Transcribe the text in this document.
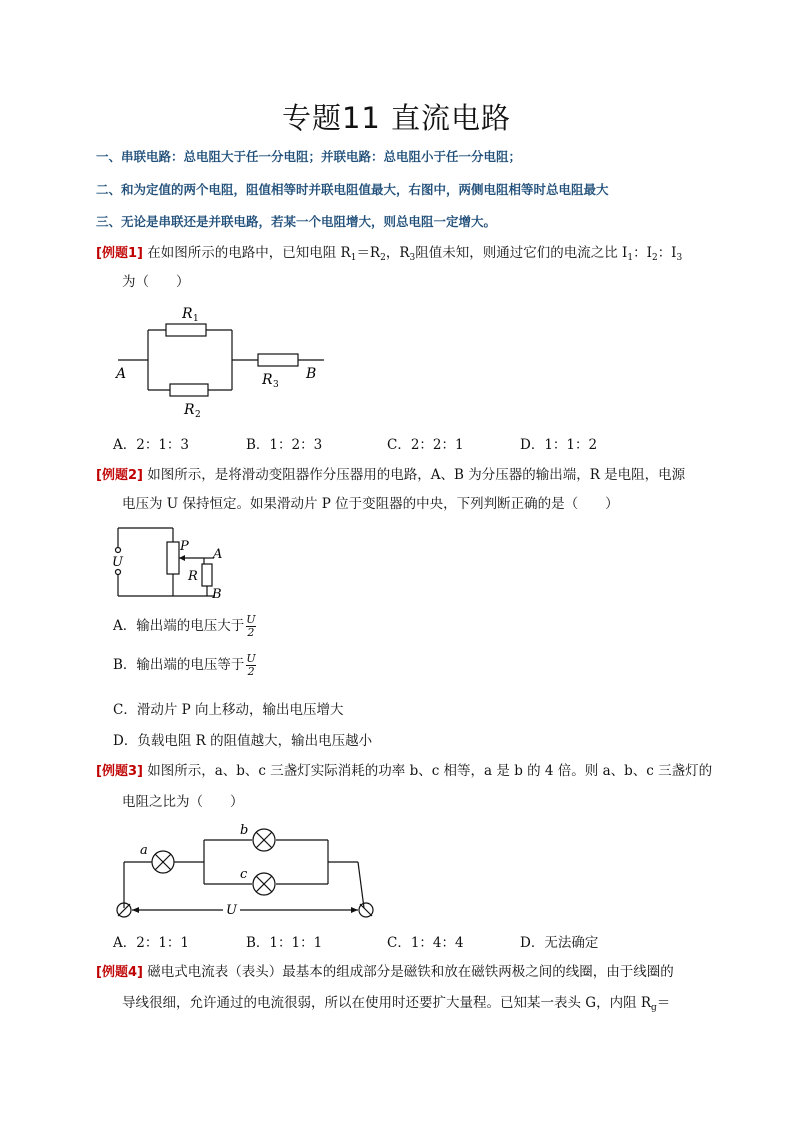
专题11 直流电路
一、串联电路：总电阻大于任一分电阻；并联电路：总电阻小于任一分电阻；
二、和为定值的两个电阻，阻值相等时并联电阻值最大，右图中，两侧电阻相等时总电阻最大
三、无论是串联还是并联电路，若某一个电阻增大，则总电阻一定增大。
[例题1] 在如图所示的电路中，已知电阻 $R_1=R_2$，$R_3$阻值未知，则通过它们的电流之比 $I_1$：$I_2$：$I_3$
为（　　）
R 1
R 2
R 3
A	B
A．2：1：3	B．1：2：3	C．2：2：1	D．1：1：2
[例题2] 如图所示，是将滑动变阻器作分压器用的电路，A、B 为分压器的输出端，R 是电阻，电源
电压为 U 保持恒定。如果滑动片 P 位于变阻器的中央，下列判断正确的是（　　）
U
P
A
R
B
A．输出端的电压大于 $\frac{U}{2}$
B．输出端的电压等于 $\frac{U}{2}$
C．滑动片 P 向上移动，输出电压增大
D．负载电阻 R 的阻值越大，输出电压越小
[例题3] 如图所示，a、b、c 三盏灯实际消耗的功率 b、c 相等，a 是 b 的 4 倍。则 a、b、c 三盏灯的
电阻之比为（　　）
a
b
c
U
A．2：1：1	B．1：1：1	C．1：4：4	D．无法确定
[例题4] 磁电式电流表（表头）最基本的组成部分是磁铁和放在磁铁两极之间的线圈，由于线圈的
导线很细，允许通过的电流很弱，所以在使用时还要扩大量程。已知某一表头 G，内阻 $R_g=$
